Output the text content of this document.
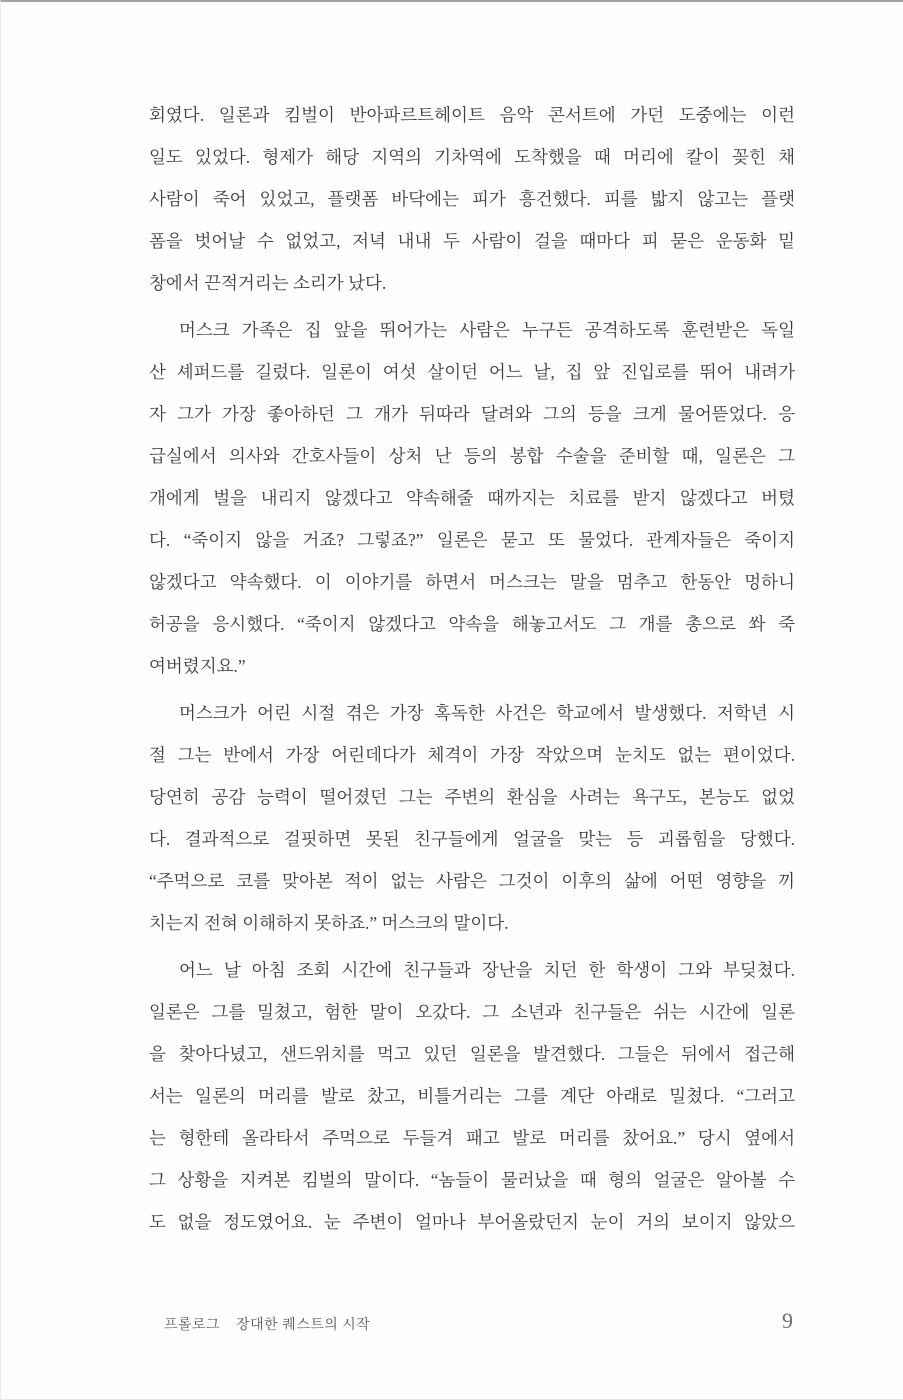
회였다. 일론과 킴벌이 반아파르트헤이트 음악 콘서트에 가던 도중에는 이런
일도 있었다. 형제가 해당 지역의 기차역에 도착했을 때 머리에 칼이 꽂힌 채
사람이 죽어 있었고, 플랫폼 바닥에는 피가 흥건했다. 피를 밟지 않고는 플랫
폼을 벗어날 수 없었고, 저녁 내내 두 사람이 걸을 때마다 피 묻은 운동화 밑
창에서 끈적거리는 소리가 났다.

머스크 가족은 집 앞을 뛰어가는 사람은 누구든 공격하도록 훈련받은 독일
산 셰퍼드를 길렀다. 일론이 여섯 살이던 어느 날, 집 앞 진입로를 뛰어 내려가
자 그가 가장 좋아하던 그 개가 뒤따라 달려와 그의 등을 크게 물어뜯었다. 응
급실에서 의사와 간호사들이 상처 난 등의 봉합 수술을 준비할 때, 일론은 그
개에게 벌을 내리지 않겠다고 약속해줄 때까지는 치료를 받지 않겠다고 버텼
다. “죽이지 않을 거죠? 그렇죠?” 일론은 묻고 또 물었다. 관계자들은 죽이지
않겠다고 약속했다. 이 이야기를 하면서 머스크는 말을 멈추고 한동안 멍하니
허공을 응시했다. “죽이지 않겠다고 약속을 해놓고서도 그 개를 총으로 쏴 죽
여버렸지요.”

머스크가 어린 시절 겪은 가장 혹독한 사건은 학교에서 발생했다. 저학년 시
절 그는 반에서 가장 어린데다가 체격이 가장 작았으며 눈치도 없는 편이었다.
당연히 공감 능력이 떨어졌던 그는 주변의 환심을 사려는 욕구도, 본능도 없었
다. 결과적으로 걸핏하면 못된 친구들에게 얼굴을 맞는 등 괴롭힘을 당했다.
“주먹으로 코를 맞아본 적이 없는 사람은 그것이 이후의 삶에 어떤 영향을 끼
치는지 전혀 이해하지 못하죠.” 머스크의 말이다.

어느 날 아침 조회 시간에 친구들과 장난을 치던 한 학생이 그와 부딪쳤다.
일론은 그를 밀쳤고, 험한 말이 오갔다. 그 소년과 친구들은 쉬는 시간에 일론
을 찾아다녔고, 샌드위치를 먹고 있던 일론을 발견했다. 그들은 뒤에서 접근해
서는 일론의 머리를 발로 찼고, 비틀거리는 그를 계단 아래로 밀쳤다. “그러고
는 형한테 올라타서 주먹으로 두들겨 패고 발로 머리를 찼어요.” 당시 옆에서
그 상황을 지켜본 킴벌의 말이다. “놈들이 물러났을 때 형의 얼굴은 알아볼 수
도 없을 정도였어요. 눈 주변이 얼마나 부어올랐던지 눈이 거의 보이지 않았으

프롤로그 장대한 퀘스트의 시작	9
